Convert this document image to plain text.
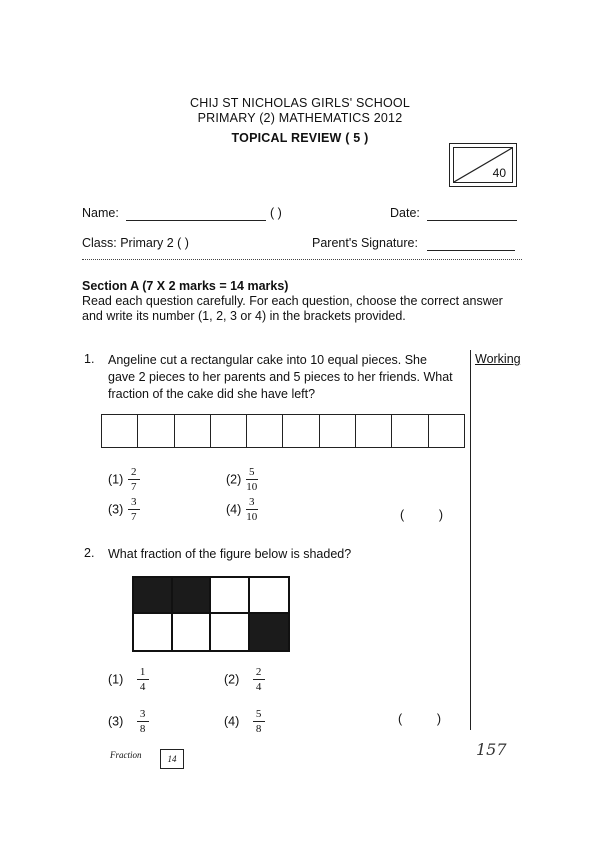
CHIJ ST NICHOLAS GIRLS' SCHOOL
PRIMARY (2) MATHEMATICS 2012
TOPICAL REVIEW ( 5 )
40
Name:	( )	Date:
Class: Primary 2 ( )	Parent's Signature:
Section A (7 X 2 marks = 14 marks)
Read each question carefully. For each question, choose the correct answer
and write its number (1, 2, 3 or 4) in the brackets provided.
Working
1. Angeline cut a rectangular cake into 10 equal pieces. She
gave 2 pieces to her parents and 5 pieces to her friends. What
fraction of the cake did she have left?
$(1) \frac{2}{7}$	$(2) \frac{5}{10}$
$(3) \frac{3}{7}$	$(4) \frac{3}{10}$	(          )
2. What fraction of the figure below is shaded?
$(1) \frac{1}{4}$	$(2) \frac{2}{4}$
$(3) \frac{3}{8}$	$(4) \frac{5}{8}$	(          )
Fraction	14	157
